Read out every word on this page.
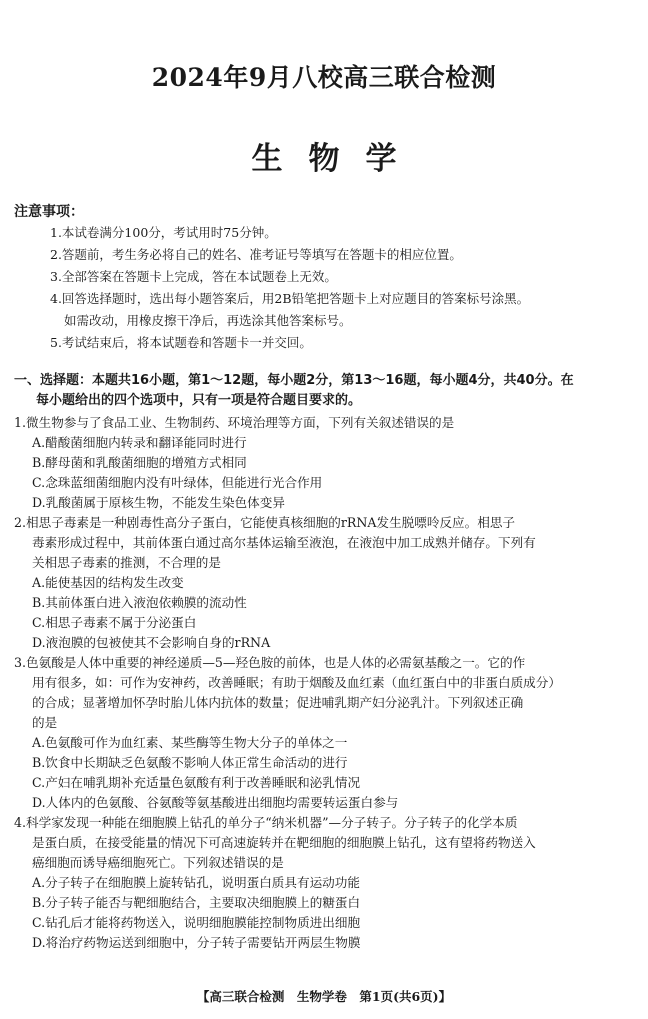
2024年9月八校高三联合检测
生物学
注意事项：
1.本试卷满分100分，考试用时75分钟。
2.答题前，考生务必将自己的姓名、准考证号等填写在答题卡的相应位置。
3.全部答案在答题卡上完成，答在本试题卷上无效。
4.回答选择题时，选出每小题答案后，用2B铅笔把答题卡上对应题目的答案标号涂黑。
如需改动，用橡皮擦干净后，再选涂其他答案标号。
5.考试结束后，将本试题卷和答题卡一并交回。
一、选择题：本题共16小题，第1～12题，每小题2分，第13～16题，每小题4分，共40分。在
每小题给出的四个选项中，只有一项是符合题目要求的。
1.微生物参与了食品工业、生物制药、环境治理等方面，下列有关叙述错误的是
A.醋酸菌细胞内转录和翻译能同时进行
B.酵母菌和乳酸菌细胞的增殖方式相同
C.念珠蓝细菌细胞内没有叶绿体，但能进行光合作用
D.乳酸菌属于原核生物，不能发生染色体变异
2.相思子毒素是一种剧毒性高分子蛋白，它能使真核细胞的rRNA发生脱嘌呤反应。相思子
毒素形成过程中，其前体蛋白通过高尔基体运输至液泡，在液泡中加工成熟并储存。下列有
关相思子毒素的推测，不合理的是
A.能使基因的结构发生改变
B.其前体蛋白进入液泡依赖膜的流动性
C.相思子毒素不属于分泌蛋白
D.液泡膜的包被使其不会影响自身的rRNA
3.色氨酸是人体中重要的神经递质—5—羟色胺的前体，也是人体的必需氨基酸之一。它的作
用有很多，如：可作为安神药，改善睡眠；有助于烟酸及血红素（血红蛋白中的非蛋白质成分）
的合成；显著增加怀孕时胎儿体内抗体的数量；促进哺乳期产妇分泌乳汁。下列叙述正确
的是
A.色氨酸可作为血红素、某些酶等生物大分子的单体之一
B.饮食中长期缺乏色氨酸不影响人体正常生命活动的进行
C.产妇在哺乳期补充适量色氨酸有利于改善睡眠和泌乳情况
D.人体内的色氨酸、谷氨酸等氨基酸进出细胞均需要转运蛋白参与
4.科学家发现一种能在细胞膜上钻孔的单分子“纳米机器”—分子转子。分子转子的化学本质
是蛋白质，在接受能量的情况下可高速旋转并在靶细胞的细胞膜上钻孔，这有望将药物送入
癌细胞而诱导癌细胞死亡。下列叙述错误的是
A.分子转子在细胞膜上旋转钻孔，说明蛋白质具有运动功能
B.分子转子能否与靶细胞结合，主要取决细胞膜上的糖蛋白
C.钻孔后才能将药物送入，说明细胞膜能控制物质进出细胞
D.将治疗药物运送到细胞中，分子转子需要钻开两层生物膜
【高三联合检测　生物学卷　第1页(共6页)】
